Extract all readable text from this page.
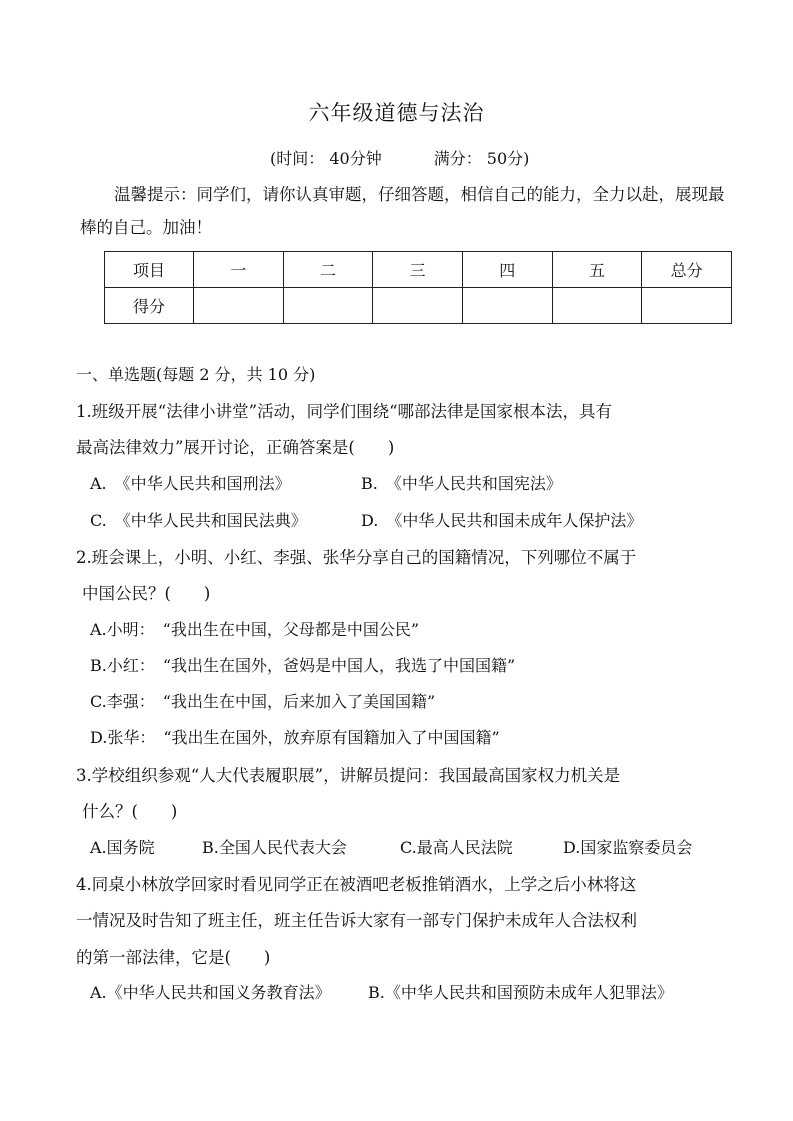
六年级道德与法治
(时间： 40分钟	满分： 50分)
温馨提示：同学们，请你认真审题，仔细答题，相信自己的能力，全力以赴，展现最棒的自己。加油！
项目	一	二	三	四	五	总分
得分						
一、单选题(每题 2 分，共 10 分)
1.班级开展“法律小讲堂”活动，同学们围绕“哪部法律是国家根本法，具有
最高法律效力”展开讨论，正确答案是(　　)
A.　《中华人民共和国刑法》	B.　《中华人民共和国宪法》
C.　《中华人民共和国民法典》	D.　《中华人民共和国未成年人保护法》
2.班会课上，小明、小红、李强、张华分享自己的国籍情况，下列哪位不属于
中国公民？(　　)
A.小明：　“我出生在中国，父母都是中国公民”
B.小红：　“我出生在国外，爸妈是中国人，我选了中国国籍”
C.李强：　“我出生在中国，后来加入了美国国籍”
D.张华：　“我出生在国外，放弃原有国籍加入了中国国籍”
3.学校组织参观“人大代表履职展”，讲解员提问：我国最高国家权力机关是
什么？(　　)
A.国务院	B.全国人民代表大会	C.最高人民法院	D.国家监察委员会
4.同桌小林放学回家时看见同学正在被酒吧老板推销酒水，上学之后小林将这
一情况及时告知了班主任，班主任告诉大家有一部专门保护未成年人合法权利
的第一部法律，它是(　　)
A.《中华人民共和国义务教育法》 B.《中华人民共和国预防未成年人犯罪法》
